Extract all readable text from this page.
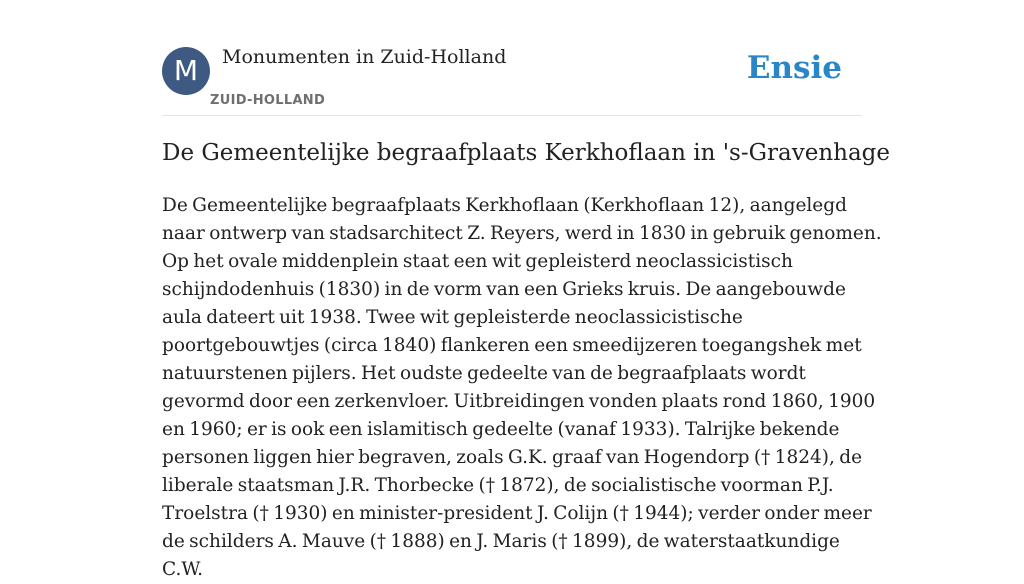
M	Monumenten in Zuid-Holland
ZUID-HOLLAND
Ensie
De Gemeentelijke begraafplaats Kerkhoflaan in 's-Gravenhage

De Gemeentelijke begraafplaats Kerkhoflaan (Kerkhoflaan 12), aangelegd naar ontwerp van stadsarchitect Z. Reyers, werd in 1830 in gebruik genomen. Op het ovale middenplein staat een wit gepleisterd neoclassicistisch schijndodenhuis (1830) in de vorm van een Grieks kruis. De aangebouwde aula dateert uit 1938. Twee wit gepleisterde neoclassicistische poortgebouwtjes (circa 1840) flankeren een smeedijzeren toegangshek met natuurstenen pijlers. Het oudste gedeelte van de begraafplaats wordt gevormd door een zerkenvloer. Uitbreidingen vonden plaats rond 1860, 1900 en 1960; er is ook een islamitisch gedeelte (vanaf 1933). Talrijke bekende personen liggen hier begraven, zoals G.K. graaf van Hogendorp († 1824), de liberale staatsman J.R. Thorbecke († 1872), de socialistische voorman P.J. Troelstra († 1930) en minister-president J. Colijn († 1944); verder onder meer de schilders A. Mauve († 1888) en J. Maris († 1899), de waterstaatkundige C.W.
